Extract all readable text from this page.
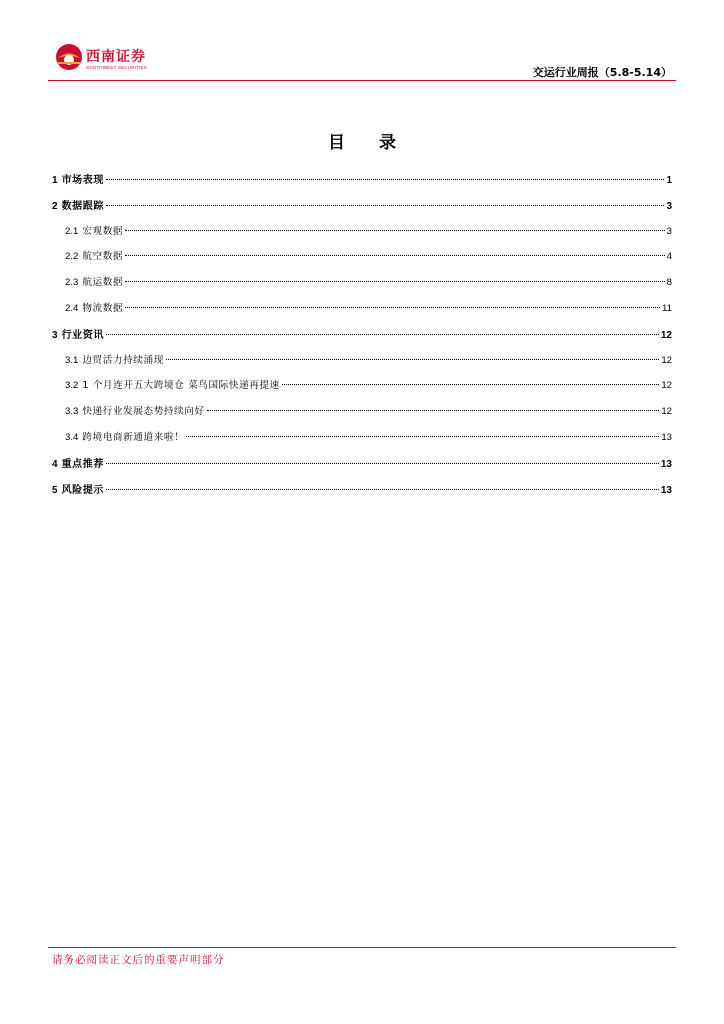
西南证券
SOUTHWEST SECURITIES	交运行业周报（5.8-5.14）
目 录
1 市场表现	1
2 数据跟踪	3
2.1 宏观数据	3
2.2 航空数据	4
2.3 航运数据	8
2.4 物流数据	11
3 行业资讯	12
3.1 边贸活力持续涌现	12
3.2 1 个月连开五大跨境仓 菜鸟国际快递再提速	12
3.3 快递行业发展态势持续向好	12
3.4 跨境电商新通道来啦！	13
4 重点推荐	13
5 风险提示	13
请务必阅读正文后的重要声明部分
